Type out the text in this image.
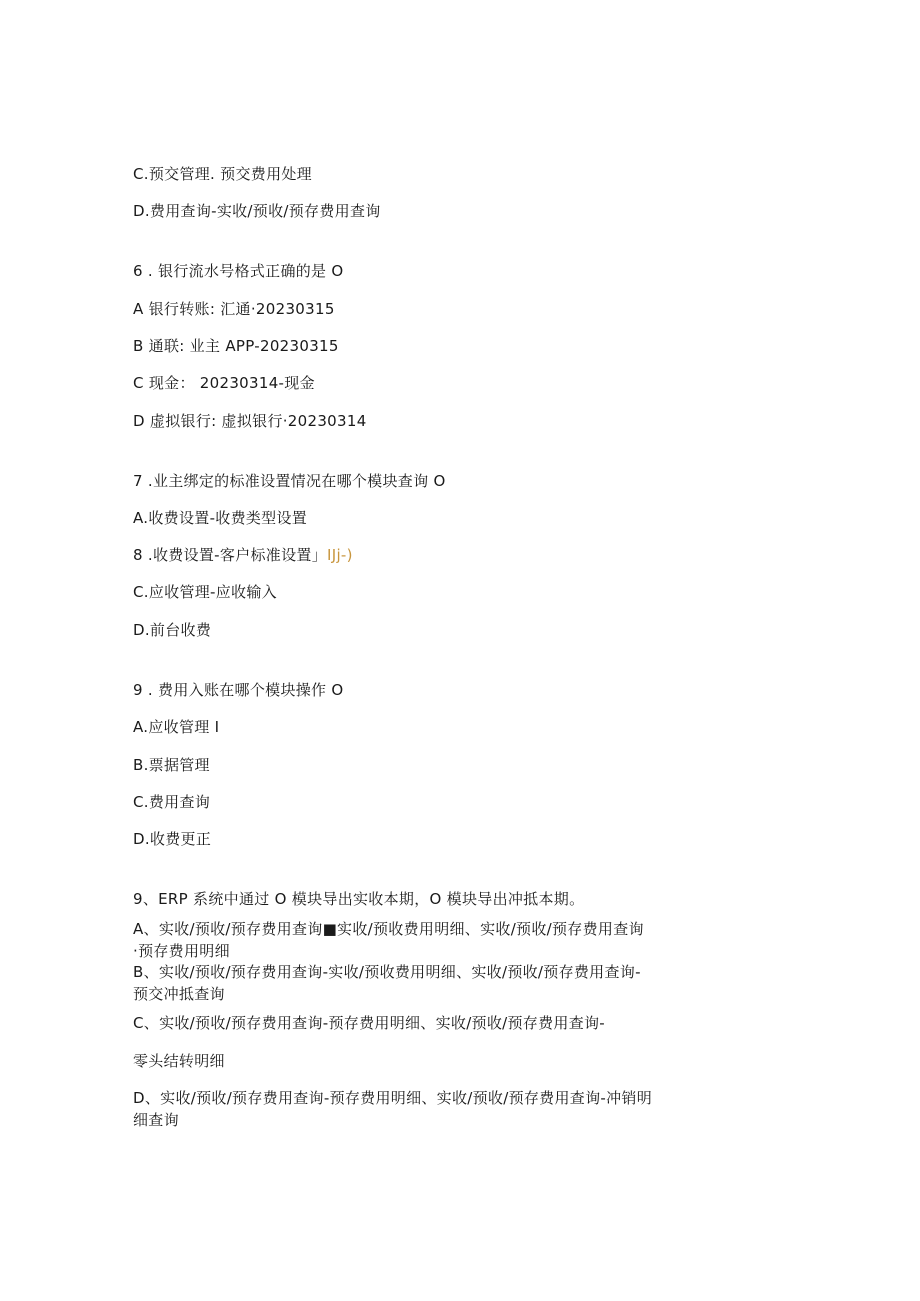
C.预交管理. 预交费用处理
D.费用查询-实收/预收/预存费用查询
6 . 银行流水号格式正确的是 O
A 银行转账: 汇通·20230315
B 通联: 业主 APP-20230315
C 现金： 20230314-现金
D 虚拟银行: 虚拟银行·20230314
7 .业主绑定的标准设置情况在哪个模块查询 O
A.收费设置-收费类型设置
8 .收费设置-客户标准设置」IJj-)
C.应收管理-应收输入
D.前台收费
9 . 费用入账在哪个模块操作 O
A.应收管理 I
B.票据管理
C.费用查询
D.收费更正
9、ERP 系统中通过 O 模块导出实收本期，O 模块导出冲抵本期。
A、实收/预收/预存费用查询■实收/预收费用明细、实收/预收/预存费用查询
·预存费用明细
B、实收/预收/预存费用查询-实收/预收费用明细、实收/预收/预存费用查询-
预交冲抵查询
C、实收/预收/预存费用查询-预存费用明细、实收/预收/预存费用查询-
零头结转明细
D、实收/预收/预存费用查询-预存费用明细、实收/预收/预存费用查询-冲销明
细查询
